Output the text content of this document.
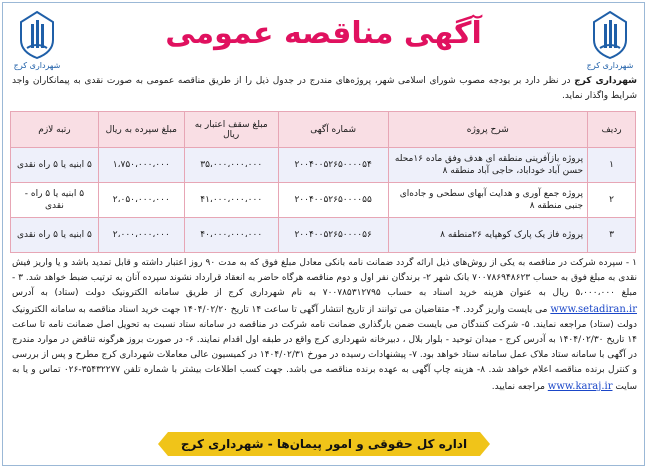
شهرداری کرج	شهرداری کرج
آگهی مناقصه عمومی
شهرداری کرج در نظر دارد بر بودجه مصوب شورای اسلامی شهر، پروژه‌های مندرج در جدول ذیل را از طریق مناقصه عمومی به صورت نقدی به پیمانکاران واجد شرایط واگذار نماید.
ردیف	شرح پروژه	شماره آگهی	مبلغ سقف اعتبار به ریال	مبلغ سپرده به ریال	رتبه لازم
۱	پروژه بازآفرینی منطقه ای هدف وفق ماده ۱۶محله حسن آباد خوداباد، حاجی آباد منطقه ۸	۲۰۰۴۰۰۵۲۶۵۰۰۰۰۵۴	۳۵،۰۰۰،۰۰۰،۰۰۰	۱،۷۵۰،۰۰۰،۰۰۰	۵ ابنیه یا ۵ راه نقدی
۲	پروژه جمع آوری و هدایت آبهای سطحی و جاده‌ای جنبی منطقه ۸	۲۰۰۴۰۰۵۲۶۵۰۰۰۰۵۵	۴۱،۰۰۰،۰۰۰،۰۰۰	۲،۰۵۰،۰۰۰،۰۰۰	۵ ابنیه یا ۵ راه - نقدی
۳	پروژه فاز یک پارک کوهپایه ۲۶منطقه ۸	۲۰۰۴۰۰۵۲۶۵۰۰۰۰۵۶	۴۰،۰۰۰،۰۰۰،۰۰۰	۲،۰۰۰،۰۰۰،۰۰۰	۵ ابنیه یا ۵ راه نقدی
۱ - سپرده شرکت در مناقصه به یکی از روش‌های ذیل ارائه گردد ضمانت نامه بانکی معادل مبلغ فوق که به مدت ۹۰ روز اعتبار داشته و قابل تمدید باشد و یا واریز فیش نقدی به مبلغ فوق به حساب ۷۰۰۷۸۶۹۴۸۶۲۳ بانک شهر ۲- برندگان نفر اول و دوم مناقصه هرگاه حاضر به انعقاد قرارداد نشوند سپرده آنان به ترتیب ضبط خواهد شد. ۳ - مبلغ ۵،۰۰۰،۰۰۰ ریال به عنوان هزینه خرید اسناد به حساب ۷۰۰۷۸۵۳۱۲۷۹۵ به نام شهرداری کرج از طریق سامانه الکترونیک دولت (ستاد) به آدرس www.setadiran.ir می بایست واریز گردد. ۴- متقاضیان می توانند از تاریخ انتشار آگهی تا ساعت ۱۴ تاریخ ۱۴۰۴/۰۲/۲۰ جهت خرید اسناد مناقصه به سامانه الکترونیک دولت (ستاد) مراجعه نمایند. ۵- شرکت کنندگان می بایست ضمن بارگذاری ضمانت نامه شرکت در مناقصه در سامانه ستاد نسبت به تحویل اصل ضمانت نامه تا ساعت ۱۴ تاریخ ۱۴۰۴/۰۲/۳۰ به آدرس کرج - میدان توحید - بلوار بلال ، دبیرخانه شهرداری کرج واقع در طبقه اول اقدام نمایند. ۶- در صورت بروز هرگونه تناقض در موارد مندرج در آگهی با سامانه ستاد ملاک عمل سامانه ستاد خواهد بود. ۷- پیشنهادات رسیده در مورخ ۱۴۰۴/۰۲/۳۱ در کمیسیون عالی معاملات شهرداری کرج مطرح و پس از بررسی و کنترل برنده مناقصه اعلام خواهد شد. ۸- هزینه چاپ آگهی به عهده برنده مناقصه می باشد. جهت کسب اطلاعات بیشتر با شماره تلفن ۳۵۴۳۲۲۷۷-۰۲۶ تماس و یا به سایت www.karaj.ir مراجعه نمایید.
اداره کل حقوقی و امور پیمان‌ها - شهرداری کرج
